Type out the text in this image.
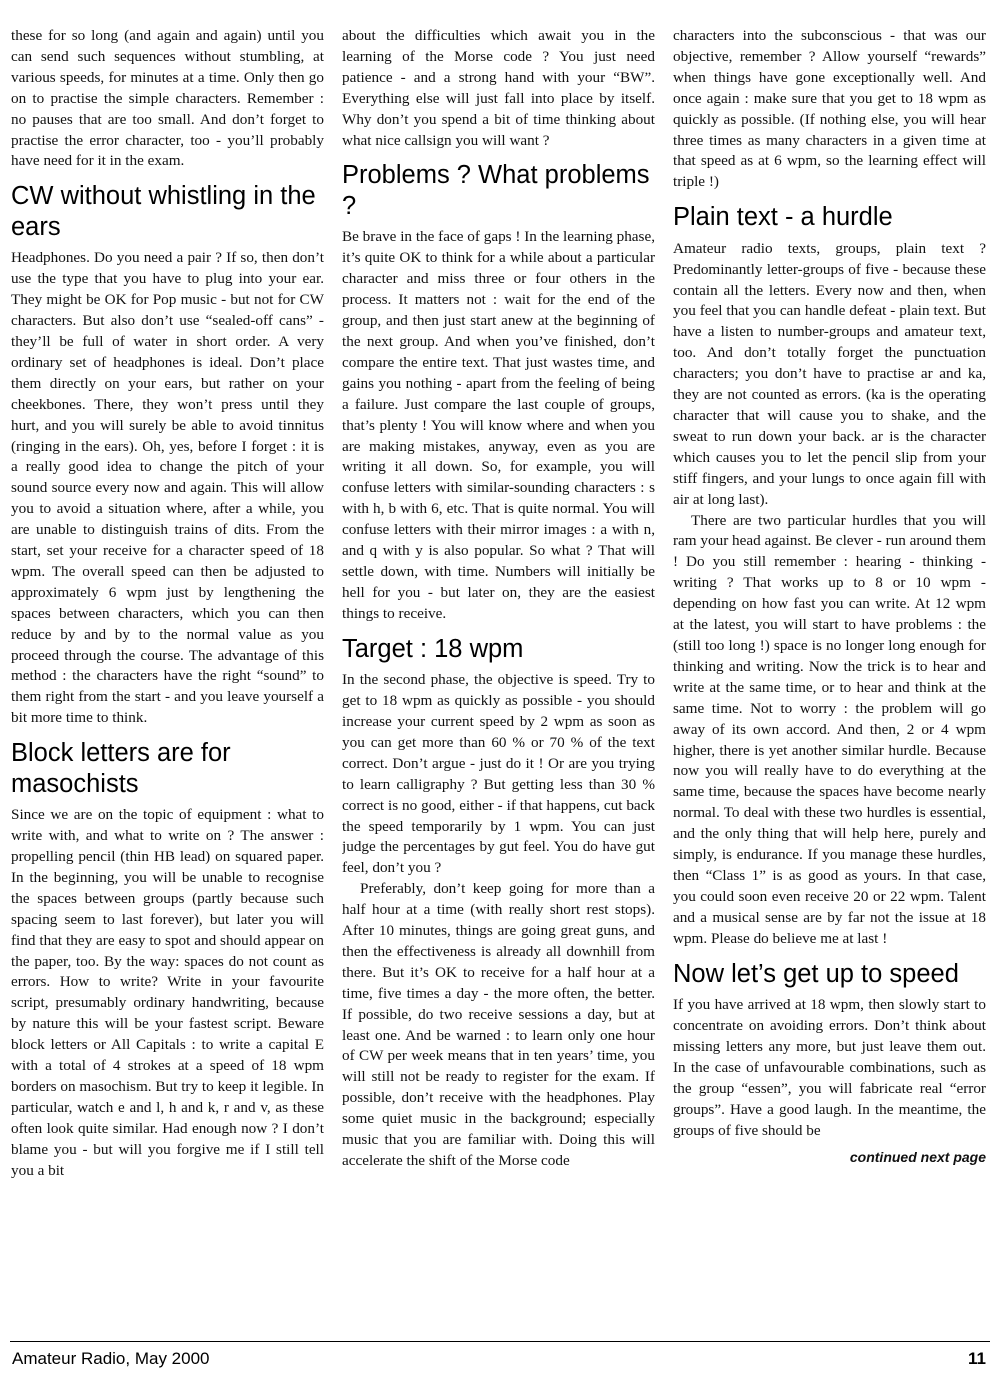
these for so long (and again and again) until you can send such sequences without stumbling, at various speeds, for minutes at a time. Only then go on to practise the simple characters. Remember : no pauses that are too small. And don’t forget to practise the error character, too - you’ll probably have need for it in the exam.

CW without whistling in the ears

Headphones. Do you need a pair ? If so, then don’t use the type that you have to plug into your ear. They might be OK for Pop music - but not for CW characters. But also don’t use “sealed-off cans” - they’ll be full of water in short order. A very ordinary set of headphones is ideal. Don’t place them directly on your ears, but rather on your cheekbones. There, they won’t press until they hurt, and you will surely be able to avoid tinnitus (ringing in the ears). Oh, yes, before I forget : it is a really good idea to change the pitch of your sound source every now and again. This will allow you to avoid a situation where, after a while, you are unable to distinguish trains of dits. From the start, set your receive for a character speed of 18 wpm. The overall speed can then be adjusted to approximately 6 wpm just by lengthening the spaces between characters, which you can then reduce by and by to the normal value as you proceed through the course. The advantage of this method : the characters have the right “sound” to them right from the start - and you leave yourself a bit more time to think.

Block letters are for masochists

Since we are on the topic of equipment : what to write with, and what to write on ? The answer : propelling pencil (thin HB lead) on squared paper. In the beginning, you will be unable to recognise the spaces between groups (partly because such spacing seem to last forever), but later you will find that they are easy to spot and should appear on the paper, too. By the way: spaces do not count as errors. How to write? Write in your favourite script, presumably ordinary handwriting, because by nature this will be your fastest script. Beware block letters or All Capitals : to write a capital E with a total of 4 strokes at a speed of 18 wpm borders on masochism. But try to keep it legible. In particular, watch e and l, h and k, r and v, as these often look quite similar. Had enough now ? I don’t blame you - but will you forgive me if I still tell you a bit

about the difficulties which await you in the learning of the Morse code ? You just need patience - and a strong hand with your “BW”. Everything else will just fall into place by itself. Why don’t you spend a bit of time thinking about what nice callsign you will want ?

Problems ? What problems ?

Be brave in the face of gaps ! In the learning phase, it’s quite OK to think for a while about a particular character and miss three or four others in the process. It matters not : wait for the end of the group, and then just start anew at the beginning of the next group. And when you’ve finished, don’t compare the entire text. That just wastes time, and gains you nothing - apart from the feeling of being a failure. Just compare the last couple of groups, that’s plenty ! You will know where and when you are making mistakes, anyway, even as you are writing it all down. So, for example, you will confuse letters with similar-sounding characters : s with h, b with 6, etc. That is quite normal. You will confuse letters with their mirror images : a with n, and q with y is also popular. So what ? That will settle down, with time. Numbers will initially be hell for you - but later on, they are the easiest things to receive.

Target : 18 wpm

In the second phase, the objective is speed. Try to get to 18 wpm as quickly as possible - you should increase your current speed by 2 wpm as soon as you can get more than 60 % or 70 % of the text correct. Don’t argue - just do it ! Or are you trying to learn calligraphy ? But getting less than 30 % correct is no good, either - if that happens, cut back the speed temporarily by 1 wpm. You can just judge the percentages by gut feel. You do have gut feel, don’t you ?

Preferably, don’t keep going for more than a half hour at a time (with really short rest stops). After 10 minutes, things are going great guns, and then the effectiveness is already all downhill from there. But it’s OK to receive for a half hour at a time, five times a day - the more often, the better. If possible, do two receive sessions a day, but at least one. And be warned : to learn only one hour of CW per week means that in ten years’ time, you will still not be ready to register for the exam. If possible, don’t receive with the headphones. Play some quiet music in the background; especially music that you are familiar with. Doing this will accelerate the shift of the Morse code

characters into the subconscious - that was our objective, remember ? Allow yourself “rewards” when things have gone exceptionally well. And once again : make sure that you get to 18 wpm as quickly as possible. (If nothing else, you will hear three times as many characters in a given time at that speed as at 6 wpm, so the learning effect will triple !)

Plain text - a hurdle

Amateur radio texts, groups, plain text ? Predominantly letter-groups of five - because these contain all the letters. Every now and then, when you feel that you can handle defeat - plain text. But have a listen to number-groups and amateur text, too. And don’t totally forget the punctuation characters; you don’t have to practise ar and ka, they are not counted as errors. (ka is the operating character that will cause you to shake, and the sweat to run down your back. ar is the character which causes you to let the pencil slip from your stiff fingers, and your lungs to once again fill with air at long last).

There are two particular hurdles that you will ram your head against. Be clever - run around them ! Do you still remember : hearing - thinking - writing ? That works up to 8 or 10 wpm - depending on how fast you can write. At 12 wpm at the latest, you will start to have problems : the (still too long !) space is no longer long enough for thinking and writing. Now the trick is to hear and write at the same time, or to hear and think at the same time. Not to worry : the problem will go away of its own accord. And then, 2 or 4 wpm higher, there is yet another similar hurdle. Because now you will really have to do everything at the same time, because the spaces have become nearly normal. To deal with these two hurdles is essential, and the only thing that will help here, purely and simply, is endurance. If you manage these hurdles, then “Class 1” is as good as yours. In that case, you could soon even receive 20 or 22 wpm. Talent and a musical sense are by far not the issue at 18 wpm. Please do believe me at last !

Now let’s get up to speed

If you have arrived at 18 wpm, then slowly start to concentrate on avoiding errors. Don’t think about missing letters any more, but just leave them out. In the case of unfavourable combinations, such as the group “essen”, you will fabricate real “error groups”. Have a good laugh. In the meantime, the groups of five should be

continued next page
Amateur Radio, May 2000	11
